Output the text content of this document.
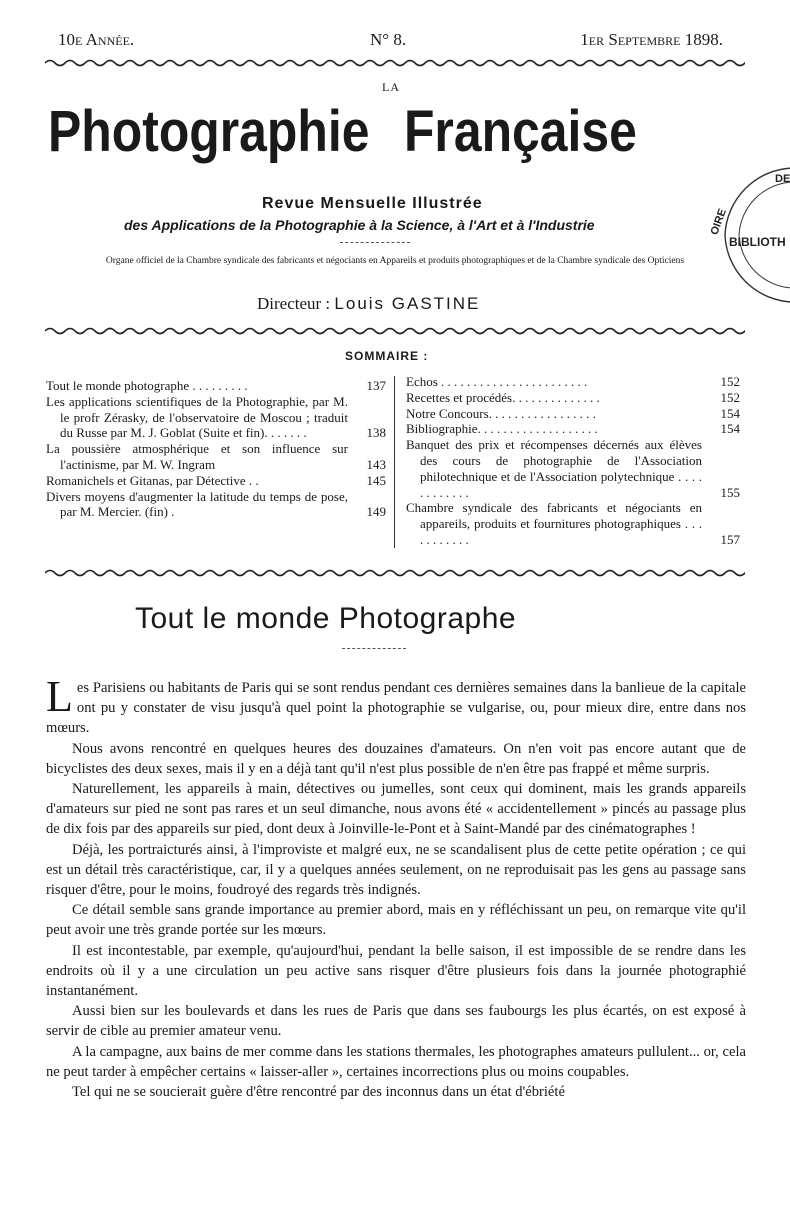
10e Année.	N° 8.	1er Septembre 1898.
LA
Photographie Française
Revue Mensuelle Illustrée
des Applications de la Photographie à la Science, à l'Art et à l'Industrie
Organe officiel de la Chambre syndicale des fabricants et négociants en Appareils et produits photographiques et de la Chambre syndicale des Opticiens
Directeur : Louis GASTINE
DE
OIRE
BIBLIOTH
SOMMAIRE :
Tout le monde photographe . . . . . . . . .	137
Les applications scientifiques de la Photographie, par M. le profr Zérasky, de l'observatoire de Moscou ; traduit du Russe par M. J. Goblat (Suite et fin). . . . . . .	138
La poussière atmosphérique et son influence sur l'actinisme, par M. W. Ingram	143
Romanichels et Gitanas, par Détective . .	145
Divers moyens d'augmenter la latitude du temps de pose, par M. Mercier. (fin) .	149
Echos . . . . . . . . . . . . . . . . . . . . . . .	152
Recettes et procédés. . . . . . . . . . . . . .	152
Notre Concours. . . . . . . . . . . . . . . . .	154
Bibliographie. . . . . . . . . . . . . . . . . . .	154
Banquet des prix et récompenses décernés aux élèves des cours de photographie de l'Association philotechnique et de l'Association polytechnique . . . . . . . . . . . .	155
Chambre syndicale des fabricants et négociants en appareils, produits et fournitures photographiques . . . . . . . . . . .	157
Tout le monde Photographe

Les Parisiens ou habitants de Paris qui se sont rendus pendant ces dernières semaines dans la banlieue de la capitale ont pu y constater de visu jusqu'à quel point la photographie se vulgarise, ou, pour mieux dire, entre dans nos mœurs.

Nous avons rencontré en quelques heures des douzaines d'amateurs. On n'en voit pas encore autant que de bicyclistes des deux sexes, mais il y en a déjà tant qu'il n'est plus possible de n'en être pas frappé et même surpris.

Naturellement, les appareils à main, détectives ou jumelles, sont ceux qui dominent, mais les grands appareils d'amateurs sur pied ne sont pas rares et un seul dimanche, nous avons été « accidentellement » pincés au passage plus de dix fois par des appareils sur pied, dont deux à Joinville-le-Pont et à Saint-Mandé par des cinématographes !

Déjà, les portraicturés ainsi, à l'improviste et malgré eux, ne se scandalisent plus de cette petite opération ; ce qui est un détail très caractéristique, car, il y a quelques années seulement, on ne reproduisait pas les gens au passage sans risquer d'être, pour le moins, foudroyé des regards très indignés.

Ce détail semble sans grande importance au premier abord, mais en y réfléchissant un peu, on remarque vite qu'il peut avoir une très grande portée sur les mœurs.

Il est incontestable, par exemple, qu'aujourd'hui, pendant la belle saison, il est impossible de se rendre dans les endroits où il y a une circulation un peu active sans risquer d'être plusieurs fois dans la journée photographié instantanément.

Aussi bien sur les boulevards et dans les rues de Paris que dans ses faubourgs les plus écartés, on est exposé à servir de cible au premier amateur venu.

A la campagne, aux bains de mer comme dans les stations thermales, les photographes amateurs pullulent... or, cela ne peut tarder à empêcher certains « laisser-aller », certaines incorrections plus ou moins coupables.

Tel qui ne se soucierait guère d'être rencontré par des inconnus dans un état d'ébriété
